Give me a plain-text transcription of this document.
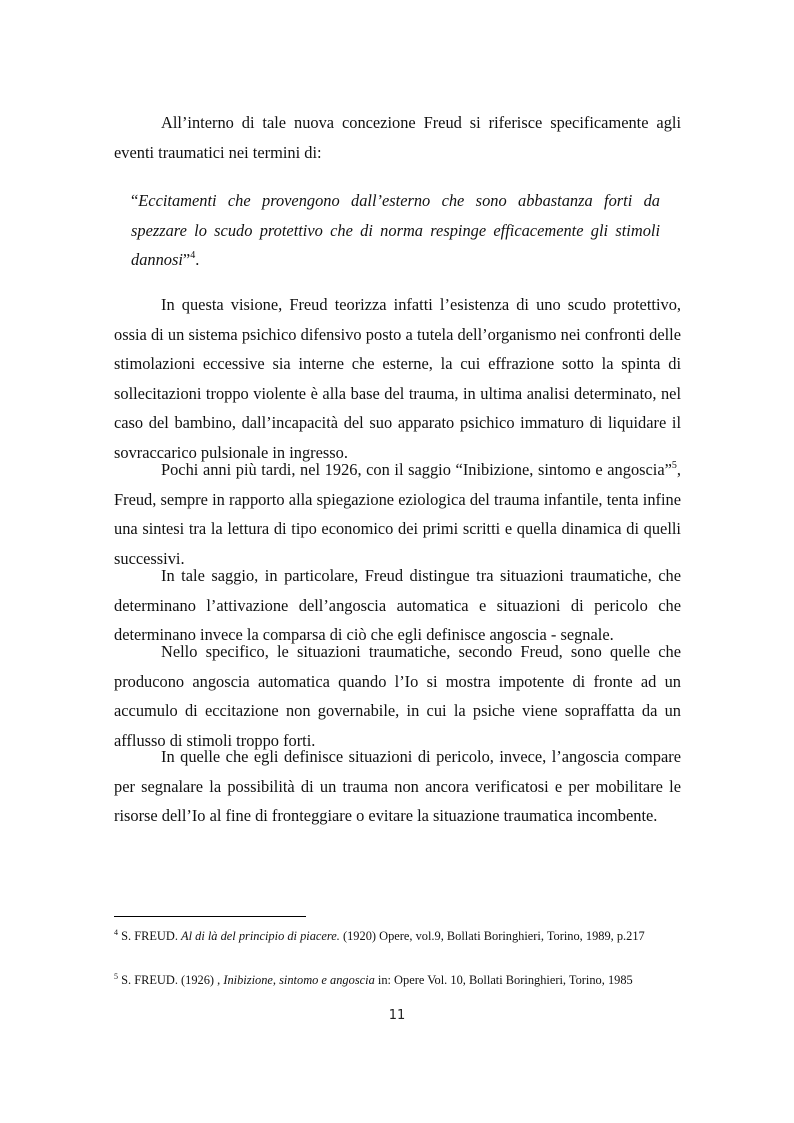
All’interno di tale nuova concezione Freud si riferisce specificamente agli eventi traumatici nei termini di:

“Eccitamenti che provengono dall’esterno che sono abbastanza forti da spezzare lo scudo protettivo che di norma respinge efficacemente gli stimoli dannosi”$^4$.

In questa visione, Freud teorizza infatti l’esistenza di uno scudo protettivo, ossia di un sistema psichico difensivo posto a tutela dell’organismo nei confronti delle stimolazioni eccessive sia interne che esterne, la cui effrazione sotto la spinta di sollecitazioni troppo violente è alla base del trauma, in ultima analisi determinato, nel caso del bambino, dall’incapacità del suo apparato psichico immaturo di liquidare il sovraccarico pulsionale in ingresso.

Pochi anni più tardi, nel 1926, con il saggio “Inibizione, sintomo e angoscia”$^5$, Freud, sempre in rapporto alla spiegazione eziologica del trauma infantile, tenta infine una sintesi tra la lettura di tipo economico dei primi scritti e quella dinamica di quelli successivi.

In tale saggio, in particolare, Freud distingue tra situazioni traumatiche, che determinano l’attivazione dell’angoscia automatica e situazioni di pericolo che determinano invece la comparsa di ciò che egli definisce angoscia - segnale.

Nello specifico, le situazioni traumatiche, secondo Freud, sono quelle che producono angoscia automatica quando l’Io si mostra impotente di fronte ad un accumulo di eccitazione non governabile, in cui la psiche viene sopraffatta da un afflusso di stimoli troppo forti.

In quelle che egli definisce situazioni di pericolo, invece, l’angoscia compare per segnalare la possibilità di un trauma non ancora verificatosi e per mobilitare le risorse dell’Io al fine di fronteggiare o evitare la situazione traumatica incombente.

$^4$ S. FREUD. Al di là del principio di piacere. (1920) Opere, vol.9, Bollati Boringhieri, Torino, 1989, p.217

$^5$ S. FREUD. (1926) , Inibizione, sintomo e angoscia in: Opere Vol. 10, Bollati Boringhieri, Torino, 1985

11
